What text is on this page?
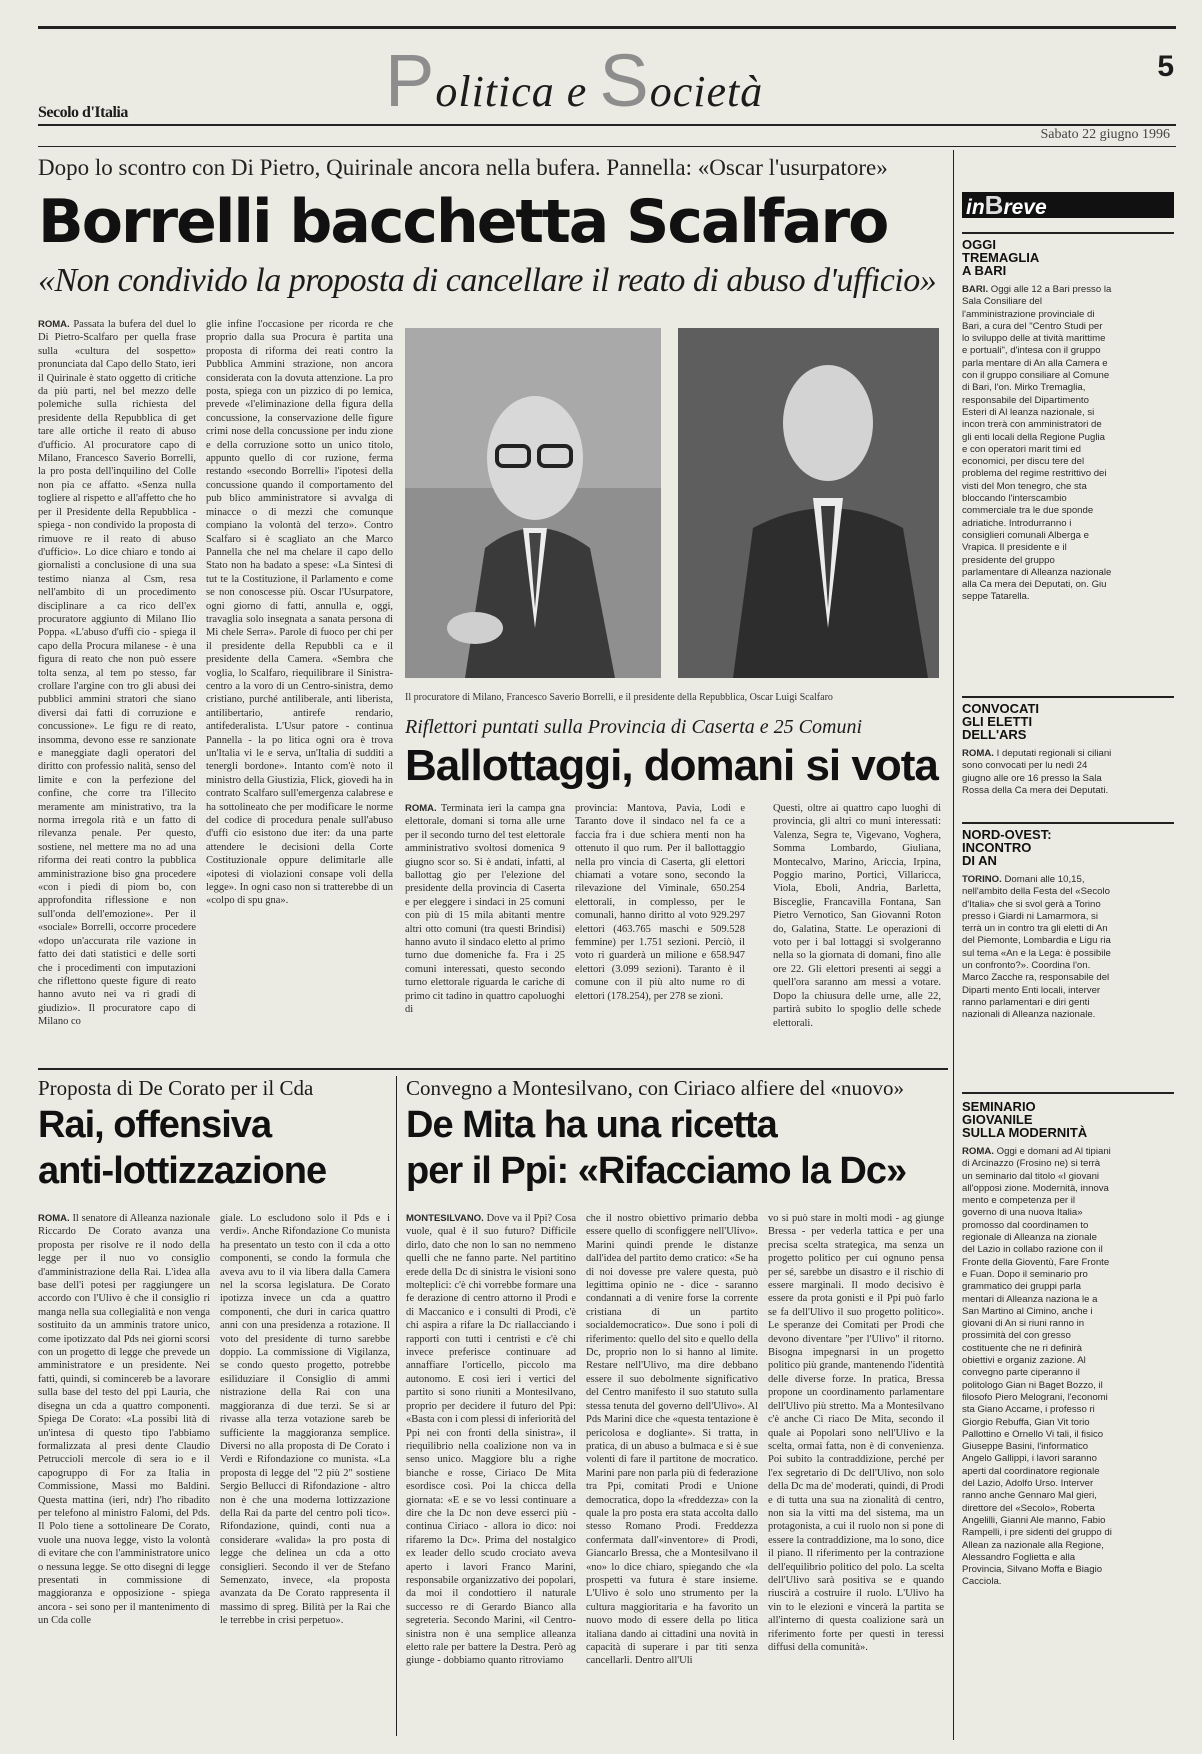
Politica e Società
5
Secolo d'Italia
Sabato 22 giugno 1996
Dopo lo scontro con Di Pietro, Quirinale ancora nella bufera. Pannella: «Oscar l'usurpatore»
Borrelli bacchetta Scalfaro
«Non condivido la proposta di cancellare il reato di abuso d'ufficio»
ROMA. Passata la bufera del duel lo Di Pietro-Scalfaro per quella frase sulla «cultura del sospetto» pronunciata dal Capo dello Stato, ieri il Quirinale è stato oggetto di critiche da più parti, nel bel mezzo delle polemiche sulla richiesta del presidente della Repubblica di get tare alle ortiche il reato di abuso d'ufficio. Al procuratore capo di Milano, Francesco Saverio Borrelli, la pro posta dell'inquilino del Colle non pia ce affatto. «Senza nulla togliere al rispetto e all'affetto che ho per il Presidente della Repubblica - spiega - non condivido la proposta di rimuove re il reato di abuso d'ufficio». Lo dice chiaro e tondo ai giornalisti a conclusione di una sua testimo nianza al Csm, resa nell'ambito di un procedimento disciplinare a ca rico dell'ex procuratore aggiunto di Milano Ilio Poppa. «L'abuso d'uffi cio - spiega il capo della Procura milanese - è una figura di reato che non può essere tolta senza, al tem po stesso, far crollare l'argine con tro gli abusi dei pubblici ammini stratori che siano diversi dai fatti di corruzione e concussione». Le figu re di reato, insomma, devono esse re sanzionate e maneggiate dagli operatori del diritto con professio nalità, senso del limite e con la perfezione del confine, che corre tra l'illecito meramente am ministrativo, tra la norma irregola rità e un fatto di rilevanza penale. Per questo, sostiene, nel mettere ma no ad una riforma dei reati contro la pubblica amministrazione biso gna procedere «con i piedi di piom bo, con approfondita riflessione e non sull'onda dell'emozione». Per il «sociale» Borrelli, occorre procedere «dopo un'accurata rile vazione in fatto dei dati statistici e delle sorti che i procedimenti con imputazioni che riflettono queste figure di reato hanno avuto nei va ri gradi di giudizio». Il procuratore capo di Milano co
glie infine l'occasione per ricorda re che proprio dalla sua Procura è partita una proposta di riforma dei reati contro la Pubblica Ammini strazione, non ancora considerata con la dovuta attenzione. La pro posta, spiega con un pizzico di po lemica, prevede «l'eliminazione della figura della concussione, la conservazione delle figure crimi nose della concussione per indu zione e della corruzione sotto un unico titolo, appunto quello di cor ruzione, ferma restando «secondo Borrelli» l'ipotesi della concussione quando il comportamento del pub blico amministratore si avvalga di minacce o di mezzi che comunque compiano la volontà del terzo». Contro Scalfaro si è scagliato an che Marco Pannella che nel ma chelare il capo dello Stato non ha badato a spese: «La Sintesi di tut te la Costituzione, il Parlamento e come se non conoscesse più. Oscar l'Usurpatore, ogni giorno di fatti, annulla e, oggi, travaglia solo insegnata a sanata persona di Mi chele Serra». Parole di fuoco per chi per il presidente della Repubbli ca e il presidente della Camera. «Sembra che voglia, lo Scalfaro, riequilibrare il Sinistra-centro a la voro di un Centro-sinistra, demo cristiano, purché antiliberale, anti liberista, antilibertario, antirefe rendario, antifederalista. L'Usur patore - continua Pannella - la po litica ogni ora è trova un'Italia vi le e serva, un'Italia di sudditi a tenergli bordone». Intanto com'è noto il ministro della Giustizia, Flick, giovedì ha in contrato Scalfaro sull'emergenza calabrese e ha sottolineato che per modificare le norme del codice di procedura penale sull'abuso d'uffi cio esistono due iter: da una parte attendere le decisioni della Corte Costituzionale oppure delimitarle alle «ipotesi di violazioni consape voli della legge». In ogni caso non si tratterebbe di un «colpo di spu gna».
Il procuratore di Milano, Francesco Saverio Borrelli, e il presidente della Repubblica, Oscar Luigi Scalfaro
Riflettori puntati sulla Provincia di Caserta e 25 Comuni
Ballottaggi, domani si vota
ROMA. Terminata ieri la campa gna elettorale, domani si torna alle urne per il secondo turno del test elettorale amministrativo svoltosi domenica 9 giugno scor so. Si è andati, infatti, al ballottag gio per l'elezione del presidente della provincia di Caserta e per eleggere i sindaci in 25 comuni con più di 15 mila abitanti mentre altri otto comuni (tra questi Brindisi) hanno avuto il sindaco eletto al primo turno due domeniche fa. Fra i 25 comuni interessati, questo secondo turno elettorale riguarda le cariche di primo cit tadino in quattro capoluoghi di
provincia: Mantova, Pavia, Lodi e Taranto dove il sindaco nel fa ce a faccia fra i due schiera menti non ha ottenuto il quo rum. Per il ballottaggio nella pro vincia di Caserta, gli elettori chiamati a votare sono, secondo la rilevazione del Viminale, 650.254 elettorali, in complesso, per le comunali, hanno diritto al voto 929.297 elettori (463.765 maschi e 509.528 femmine) per 1.751 sezioni. Perciò, il voto ri guarderà un milione e 658.947 elettori (3.099 sezioni). Taranto è il comune con il più alto nume ro di elettori (178.254), per 278 se zioni.
Questi, oltre ai quattro capo luoghi di provincia, gli altri co muni interessati: Valenza, Segra te, Vigevano, Voghera, Somma Lombardo, Giuliana, Montecalvo, Marino, Ariccia, Irpina, Poggio marino, Portici, Villaricca, Viola, Eboli, Andria, Barletta, Bisceglie, Francavilla Fontana, San Pietro Vernotico, San Giovanni Roton do, Galatina, Statte. Le operazioni di voto per i bal lottaggi si svolgeranno nella so la giornata di domani, fino alle ore 22. Gli elettori presenti ai seggi a quell'ora saranno am messi a votare. Dopo la chiusura delle urne, alle 22, partirà subito lo spoglio delle schede elettorali.
Proposta di De Corato per il Cda
Rai, offensiva
anti-lottizzazione
ROMA. Il senatore di Alleanza nazionale Riccardo De Corato avanza una proposta per risolve re il nodo della legge per il nuo vo consiglio d'amministrazione della Rai. L'idea alla base dell'i potesi per raggiungere un accordo con l'Ulivo è che il consiglio ri manga nella sua collegialità e non venga sostituito da un amminis tratore unico, come ipotizzato dal Pds nei giorni scorsi con un progetto di legge che prevede un amministratore e un presidente. Nei fatti, quindi, si comincereb be a lavorare sulla base del testo del ppi Lauria, che disegna un cda a quattro componenti. Spiega De Corato: «La possibi lità di un'intesa di questo tipo l'abbiamo formalizzata al presi dente Claudio Petruccioli mercole dì sera io e il capogruppo di For za Italia in Commissione, Massi mo Baldini. Questa mattina (ieri, ndr) l'ho ribadito per telefono al ministro Falomi, del Pds. Il Polo tiene a sottolineare De Corato, vuole una nuova legge, visto la volontà di evitare che con l'amministratore unico o nessuna legge. Se otto disegni di legge presentati in commissione di maggioranza e opposizione - spiega ancora - sei sono per il mantenimento di un Cda colle
giale. Lo escludono solo il Pds e i verdi». Anche Rifondazione Co munista ha presentato un testo con il cda a otto componenti, se condo la formula che aveva avu to il via libera dalla Camera nel la scorsa legislatura. De Corato ipotizza invece un cda a quattro componenti, che duri in carica quattro anni con una presidenza a rotazione. Il voto del presidente di turno sarebbe doppio. La commissione di Vigilanza, se condo questo progetto, potrebbe esiliduziare il Consiglio di ammi nistrazione della Rai con una maggioranza di due terzi. Se si ar rivasse alla terza votazione sareb be sufficiente la maggioranza semplice. Diversi no alla proposta di De Corato i Verdi e Rifondazione co munista. «La proposta di legge del "2 più 2" sostiene Sergio Bellucci di Rifondazione - altro non è che una moderna lottizzazione della Rai da parte del centro poli tico». Rifondazione, quindi, conti nua a considerare «valida» la pro posta di legge che delinea un cda a otto consiglieri. Secondo il ver de Stefano Semenzato, invece, «la proposta avanzata da De Corato rappresenta il massimo di spreg. Bilità per la Rai che le terrebbe in crisi perpetuo».
Convegno a Montesilvano, con Ciriaco alfiere del «nuovo»
De Mita ha una ricetta
per il Ppi: «Rifacciamo la Dc»
MONTESILVANO. Dove va il Ppi? Cosa vuole, qual è il suo futuro? Difficile dirlo, dato che non lo san no nemmeno quelli che ne fanno parte. Nel partitino erede della Dc di sinistra le visioni sono molteplici: c'è chi vorrebbe formare una fe derazione di centro attorno il Prodi e di Maccanico e i consulti di Prodi, c'è chi aspira a rifare la Dc riallacciando i rapporti con tutti i centristi e c'è chi invece preferisce continuare ad annaffiare l'orticello, piccolo ma autonomo. E così ieri i vertici del partito si sono riuniti a Montesilvano, proprio per decidere il futuro del Ppi: «Basta con i com plessi di inferiorità del Ppi nei con fronti della sinistra», il riequilibrio nella coalizione non va in senso unico. Maggiore blu a righe bianche e rosse, Ciriaco De Mita esordisce così. Poi la chicca della giornata: «E e se vo lessi continuare a dire che la Dc non deve esserci più - continua Ciriaco - allora io dico: noi rifaremo la Dc». Prima del nostalgico ex leader dello scudo crociato aveva aperto i lavori Franco Marini, responsabile organizzativo dei popolari, da moi il condottiero il naturale successo re di Gerardo Bianco alla segreteria. Secondo Marini, «il Centro-sinistra non è una semplice alleanza eletto rale per battere la Destra. Però ag giunge - dobbiamo quanto ritroviamo
che il nostro obiettivo primario debba essere quello di sconfiggere nell'Ulivo». Marini quindi prende le distanze dall'idea del partito demo cratico: «Se ha di noi dovesse pre valere questa, può legittima opinio ne - dice - saranno condannati a di venire forse la corrente cristiana di un partito socialdemocratico». Due sono i poli di riferimento: quello del sito e quello della Dc, proprio non lo si hanno al limite. Restare nell'Ulivo, ma dire debbano essere il suo debolmente significativo del Centro manifesto il suo statuto sulla stessa tenuta del governo dell'Ulivo». Al Pds Marini dice che «questa tentazione è pericolosa e dogliante». Si tratta, in pratica, di un abuso a bulmaca e si è sue volenti di fare il partitone de mocratico. Marini pare non parla più di federazione tra Ppi, comitati Prodi e Unione democratica, dopo la «freddezza» con la quale la pro posta era stata accolta dallo stesso Romano Prodi. Freddezza confermata dall'«inventore» di Prodi, Giancarlo Bressa, che a Montesilvano il «no» lo dice chiaro, spiegando che «la prospetti va futura è stare insieme. L'Ulivo è solo uno strumento per la cultura maggioritaria e ha favorito un nuovo modo di essere della po litica italiana dando ai cittadini una novità in capacità di superare i par titi senza cancellarli. Dentro all'Uli
vo si può stare in molti modi - ag giunge Bressa - per vederla tattica e per una precisa scelta strategica, ma senza un progetto politico per cui ognuno pensa per sé, sarebbe un disastro e il rischio di essere marginali. Il modo decisivo è essere da prota gonisti e il Ppi può farlo se fa dell'Ulivo il suo progetto politico». Le speranze dei Comitati per Prodi che devono diventare "per l'Ulivo" il ritorno. Bisogna impegnarsi in un progetto politico più grande, mantenendo l'identità delle diverse forze. In pratica, Bressa propone un coordinamento parlamentare dell'Ulivo più stretto. Ma a Montesilvano c'è anche Ci riaco De Mita, secondo il quale ai Popolari sono nell'Ulivo e la scelta, ormai fatta, non è di convenienza. Poi subito la contraddizione, perché per l'ex segretario di Dc dell'Ulivo, non solo della Dc ma de' moderati, quindi, di Prodi e di tutta una sua na zionalità di centro, non sia la vitti ma del sistema, ma un protagonista, a cui il ruolo non si pone di essere la contraddizione, ma lo sono, dice il piano. Il riferimento per la contrazione dell'equilibrio politico del polo. La scelta dell'Ulivo sarà positiva se e quando riuscirà a costruire il ruolo. L'Ulivo ha vin to le elezioni e vincerà la partita se all'interno di questa coalizione sarà un riferimento forte per questi in teressi diffusi della comunità».
inBreve
OGGI
TREMAGLIA
A BARI
BARI. Oggi alle 12 a Bari presso la Sala Consiliare del l'amministrazione provinciale di Bari, a cura del "Centro Studi per lo sviluppo delle at tività marittime e portuali", d'intesa con il gruppo parla mentare di An alla Camera e con il gruppo consiliare al Comune di Bari, l'on. Mirko Tremaglia, responsabile del Dipartimento Esteri di Al leanza nazionale, si incon trerà con amministratori de gli enti locali della Regione Puglia e con operatori marit timi ed economici, per discu tere del problema del regime restrittivo dei visti del Mon tenegro, che sta bloccando l'interscambio commerciale tra le due sponde adriatiche. Introdurranno i consiglieri comunali Alberga e Vrapica. Il presidente e il presidente del gruppo parlamentare di Alleanza nazionale alla Ca mera dei Deputati, on. Giu seppe Tatarella.
CONVOCATI
GLI ELETTI
DELL'ARS
ROMA. I deputati regionali si ciliani sono convocati per lu nedì 24 giugno alle ore 16 presso la Sala Rossa della Ca mera dei Deputati.
NORD-OVEST:
INCONTRO
DI AN
TORINO. Domani alle 10,15, nell'ambito della Festa del «Secolo d'Italia» che si svol gerà a Torino presso i Giardi ni Lamarmora, si terrà un in contro tra gli eletti di An del Piemonte, Lombardia e Ligu ria sul tema «An e la Lega: è possibile un confronto?». Coordina l'on. Marco Zacche ra, responsabile del Diparti mento Enti locali, interver ranno parlamentari e diri genti nazionali di Alleanza nazionale.
SEMINARIO
GIOVANILE
SULLA MODERNITÀ
ROMA. Oggi e domani ad Al tipiani di Arcinazzo (Frosino ne) si terrà un seminario dal titolo «I giovani all'opposi zione. Modernità, innova mento e competenza per il governo di una nuova Italia» promosso dal coordinamen to regionale di Alleanza na zionale del Lazio in collabo razione con il Fronte della Gioventù, Fare Fronte e Fuan. Dopo il seminario pro grammatico dei gruppi parla mentari di Alleanza naziona le a San Martino al Cimino, anche i giovani di An si riuni ranno in prossimità del con gresso costituente che ne ri definirà obiettivi e organiz zazione. Al convegno parte ciperanno il politologo Gian ni Baget Bozzo, il filosofo Piero Melograni, l'economi sta Giano Accame, i professo ri Giorgio Rebuffa, Gian Vit torio Pallottino e Ornello Vi tali, il fisico Giuseppe Basini, l'informatico Angelo Gallippi, i lavori saranno aperti dal coordinatore regionale del Lazio, Adolfo Urso. Interver ranno anche Gennaro Mal gieri, direttore del «Secolo», Roberta Angelilli, Gianni Ale manno, Fabio Rampelli, i pre sidenti del gruppo di Allean za nazionale alla Regione, Alessandro Foglietta e alla Provincia, Silvano Moffa e Biagio Cacciola.
